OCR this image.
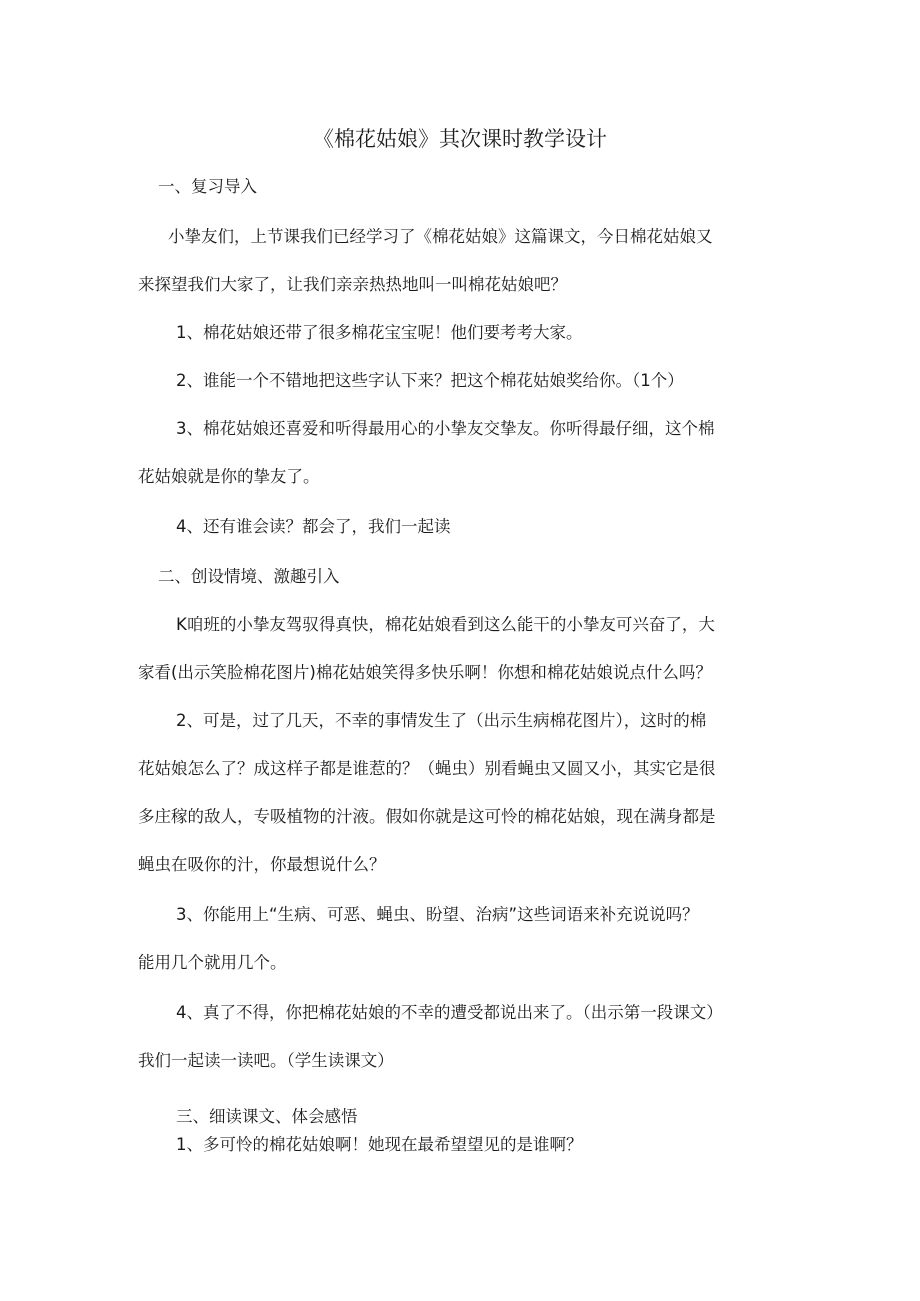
《棉花姑娘》其次课时教学设计
一、复习导入
小挚友们，上节课我们已经学习了《棉花姑娘》这篇课文，今日棉花姑娘又
来探望我们大家了，让我们亲亲热热地叫一叫棉花姑娘吧？
1、棉花姑娘还带了很多棉花宝宝呢！他们要考考大家。
2、谁能一个不错地把这些字认下来？把这个棉花姑娘奖给你。（1个）
3、棉花姑娘还喜爱和听得最用心的小挚友交挚友。你听得最仔细，这个棉
花姑娘就是你的挚友了。
4、还有谁会读？都会了，我们一起读
二、创设情境、激趣引入
K咱班的小挚友驾驭得真快，棉花姑娘看到这么能干的小挚友可兴奋了，大
家看(出示笑脸棉花图片)棉花姑娘笑得多快乐啊！你想和棉花姑娘说点什么吗？
2、可是，过了几天，不幸的事情发生了（出示生病棉花图片），这时的棉
花姑娘怎么了？成这样子都是谁惹的？（蝇虫）别看蝇虫又圆又小，其实它是很
多庄稼的敌人，专吸植物的汁液。假如你就是这可怜的棉花姑娘，现在满身都是
蝇虫在吸你的汁，你最想说什么？
3、你能用上“生病、可恶、蝇虫、盼望、治病”这些词语来补充说说吗？
能用几个就用几个。
4、真了不得，你把棉花姑娘的不幸的遭受都说出来了。（出示第一段课文）
我们一起读一读吧。（学生读课文）
三、细读课文、体会感悟
1、多可怜的棉花姑娘啊！她现在最希望望见的是谁啊？
